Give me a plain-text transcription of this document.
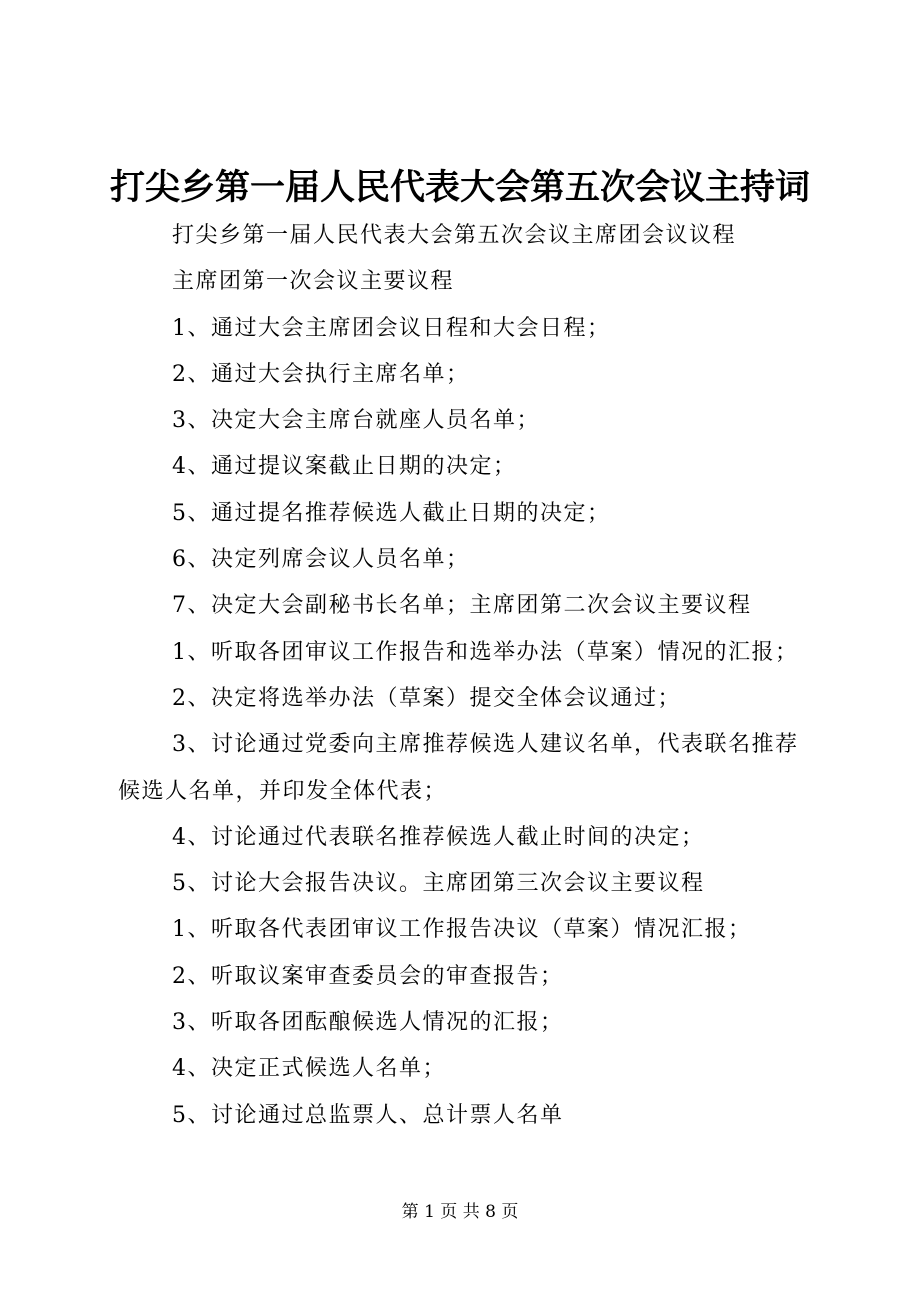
打尖乡第一届人民代表大会第五次会议主持词

打尖乡第一届人民代表大会第五次会议主席团会议议程

主席团第一次会议主要议程

1、通过大会主席团会议日程和大会日程；

2、通过大会执行主席名单；

3、决定大会主席台就座人员名单；

4、通过提议案截止日期的决定；

5、通过提名推荐候选人截止日期的决定；

6、决定列席会议人员名单；

7、决定大会副秘书长名单；主席团第二次会议主要议程

1、听取各团审议工作报告和选举办法（草案）情况的汇报；

2、决定将选举办法（草案）提交全体会议通过；

3、讨论通过党委向主席推荐候选人建议名单，代表联名推荐候选人名单，并印发全体代表；

4、讨论通过代表联名推荐候选人截止时间的决定；

5、讨论大会报告决议。主席团第三次会议主要议程

1、听取各代表团审议工作报告决议（草案）情况汇报；

2、听取议案审查委员会的审查报告；

3、听取各团酝酿候选人情况的汇报；

4、决定正式候选人名单；

5、讨论通过总监票人、总计票人名单

第 1 页 共 8 页
